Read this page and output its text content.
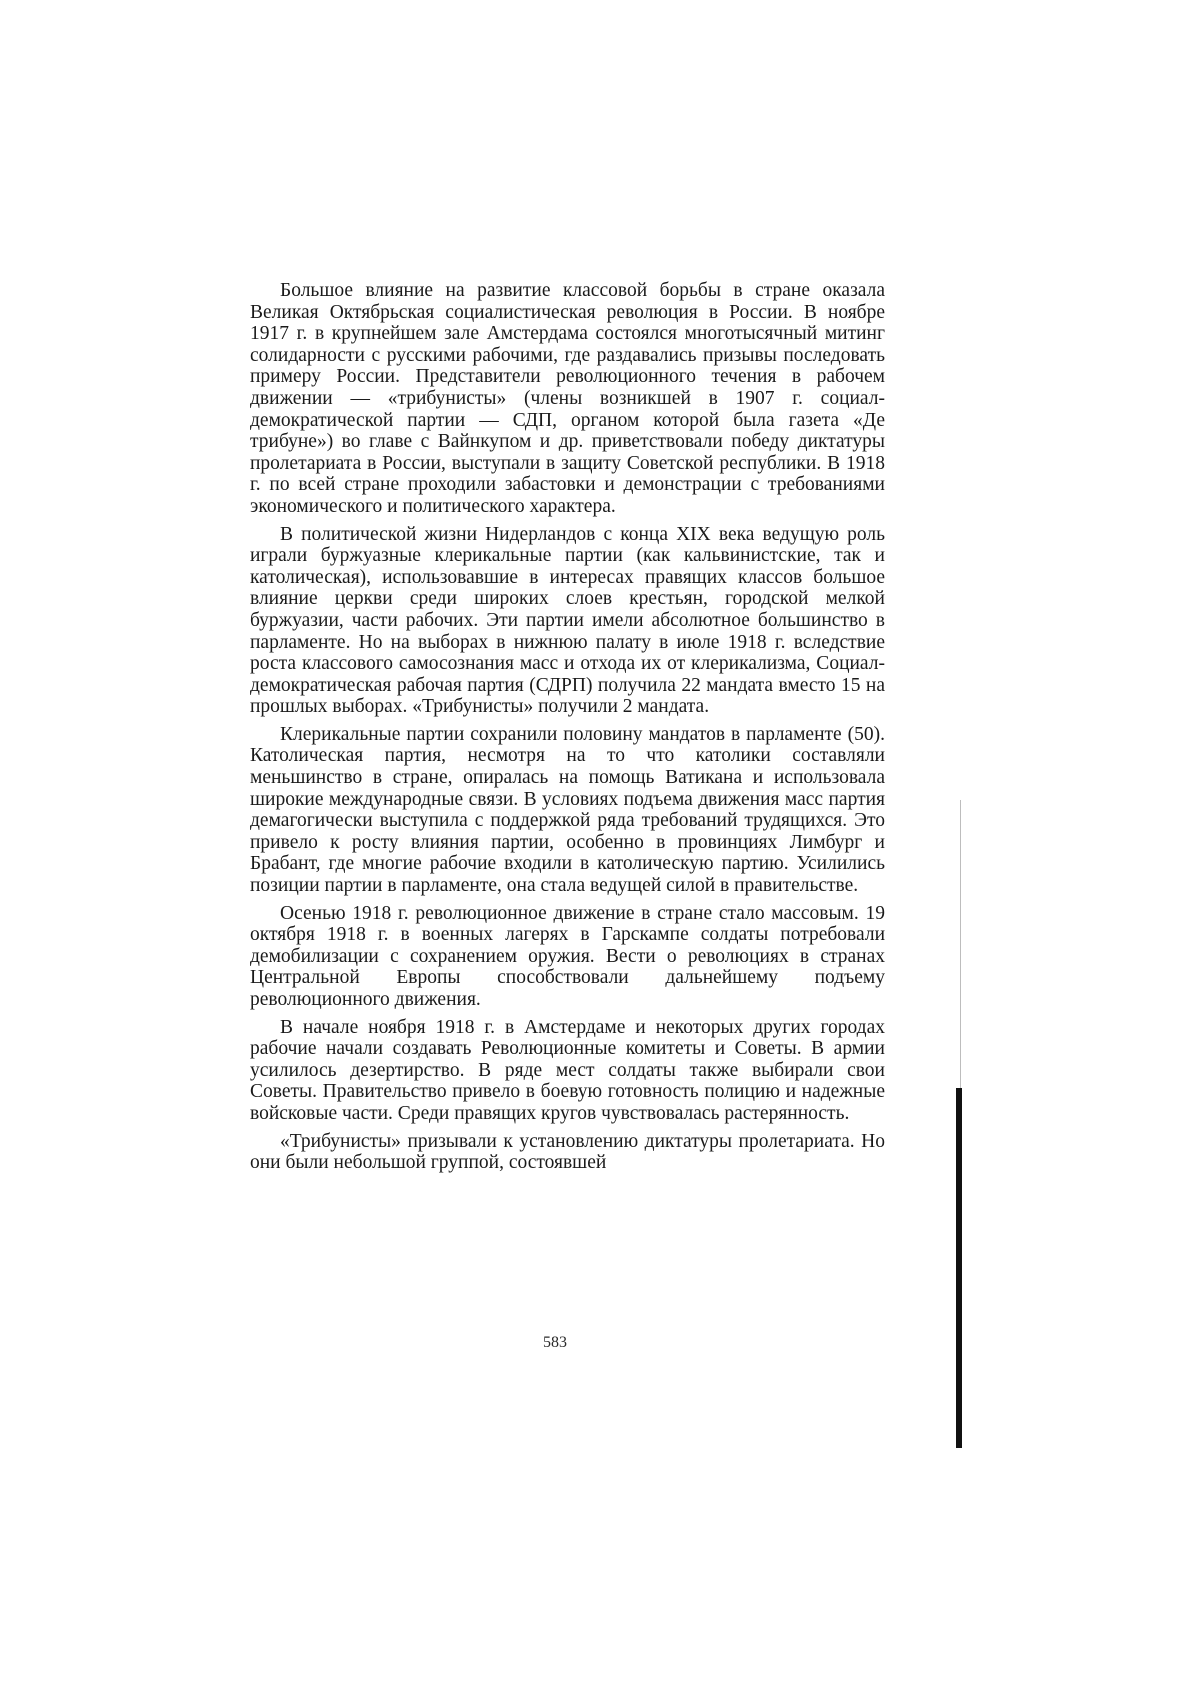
Большое влияние на развитие классовой борьбы в стране оказала Великая Октябрьская социалистическая революция в России. В ноябре 1917 г. в крупнейшем зале Амстердама состоялся многотысячный митинг солидарности с русскими рабочими, где раздавались призывы последовать примеру России. Представители революционного течения в рабочем движении — «трибунисты» (члены возникшей в 1907 г. социал-демократической партии — СДП, органом которой была газета «Де трибуне») во главе с Вайнкупом и др. приветствовали победу диктатуры пролетариата в России, выступали в защиту Советской республики. В 1918 г. по всей стране проходили забастовки и демонстрации с требованиями экономического и политического характера.

В политической жизни Нидерландов с конца XIX века ведущую роль играли буржуазные клерикальные партии (как кальвинистские, так и католическая), использовавшие в интересах правящих классов большое влияние церкви среди широких слоев крестьян, городской мелкой буржуазии, части рабочих. Эти партии имели абсолютное большинство в парламенте. Но на выборах в нижнюю палату в июле 1918 г. вследствие роста классового самосознания масс и отхода их от клерикализма, Социал-демократическая рабочая партия (СДРП) получила 22 мандата вместо 15 на прошлых выборах. «Трибунисты» получили 2 мандата.

Клерикальные партии сохранили половину мандатов в парламенте (50). Католическая партия, несмотря на то что католики составляли меньшинство в стране, опиралась на помощь Ватикана и использовала широкие международные связи. В условиях подъема движения масс партия демагогически выступила с поддержкой ряда требований трудящихся. Это привело к росту влияния партии, особенно в провинциях Лимбург и Брабант, где многие рабочие входили в католическую партию. Усилились позиции партии в парламенте, она стала ведущей силой в правительстве.

Осенью 1918 г. революционное движение в стране стало массовым. 19 октября 1918 г. в военных лагерях в Гарскампе солдаты потребовали демобилизации с сохранением оружия. Вести о революциях в странах Центральной Европы способствовали дальнейшему подъему революционного движения.

В начале ноября 1918 г. в Амстердаме и некоторых других городах рабочие начали создавать Революционные комитеты и Советы. В армии усилилось дезертирство. В ряде мест солдаты также выбирали свои Советы. Правительство привело в боевую готовность полицию и надежные войсковые части. Среди правящих кругов чувствовалась растерянность.

«Трибунисты» призывали к установлению диктатуры пролетариата. Но они были небольшой группой, состоявшей

583
